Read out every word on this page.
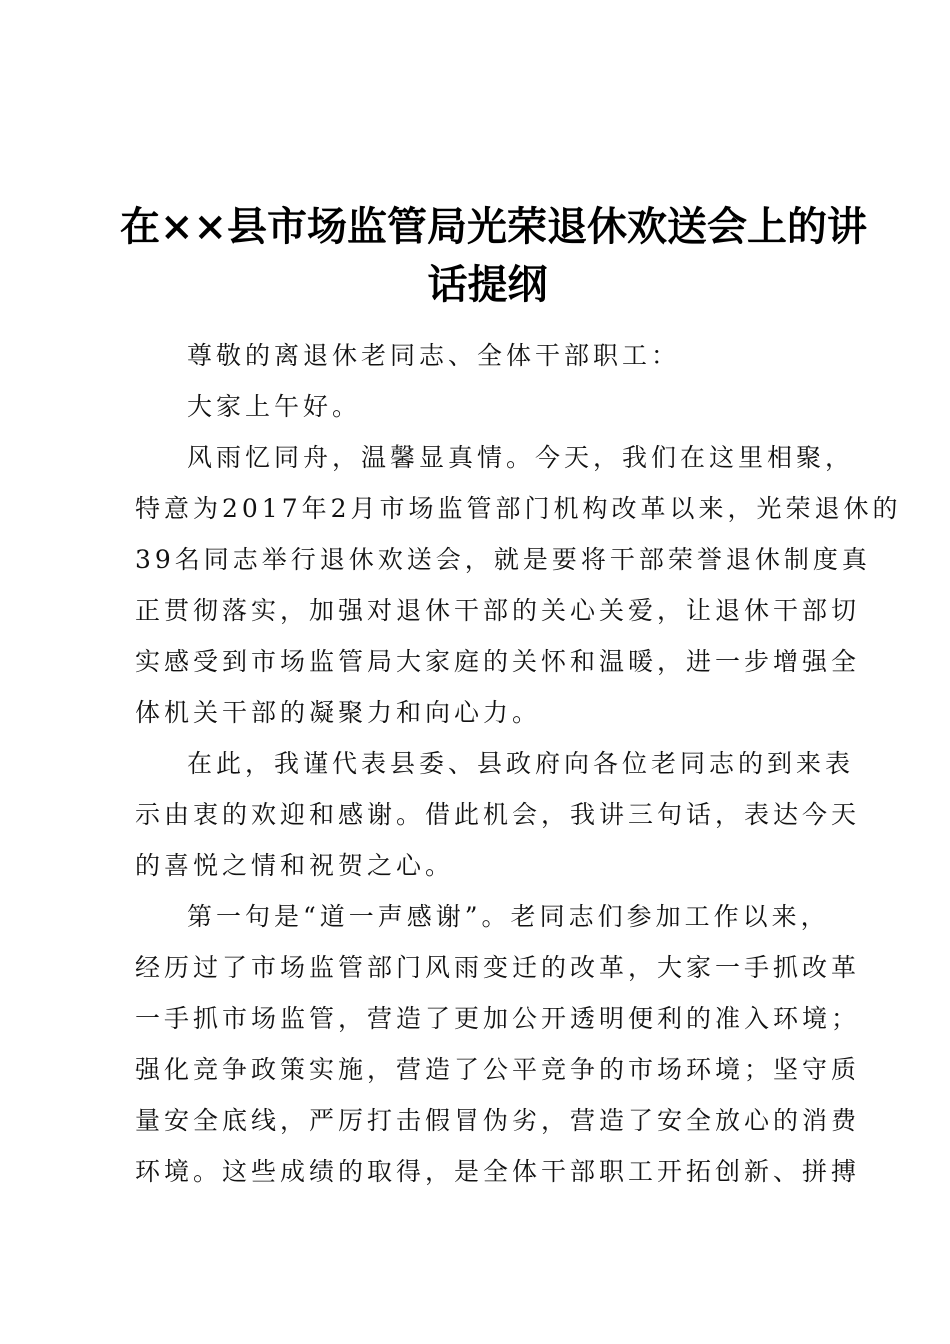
在××县市场监管局光荣退休欢送会上的讲
话提纲
尊敬的离退休老同志、全体干部职工：
大家上午好。
风雨忆同舟，温馨显真情。今天，我们在这里相聚，
特意为2017年2月市场监管部门机构改革以来，光荣退休的
39名同志举行退休欢送会，就是要将干部荣誉退休制度真
正贯彻落实，加强对退休干部的关心关爱，让退休干部切
实感受到市场监管局大家庭的关怀和温暖，进一步增强全
体机关干部的凝聚力和向心力。
在此，我谨代表县委、县政府向各位老同志的到来表
示由衷的欢迎和感谢。借此机会，我讲三句话，表达今天
的喜悦之情和祝贺之心。
第一句是“道一声感谢”。老同志们参加工作以来，
经历过了市场监管部门风雨变迁的改革，大家一手抓改革
一手抓市场监管，营造了更加公开透明便利的准入环境；
强化竞争政策实施，营造了公平竞争的市场环境；坚守质
量安全底线，严厉打击假冒伪劣，营造了安全放心的消费
环境。这些成绩的取得，是全体干部职工开拓创新、拼搏
